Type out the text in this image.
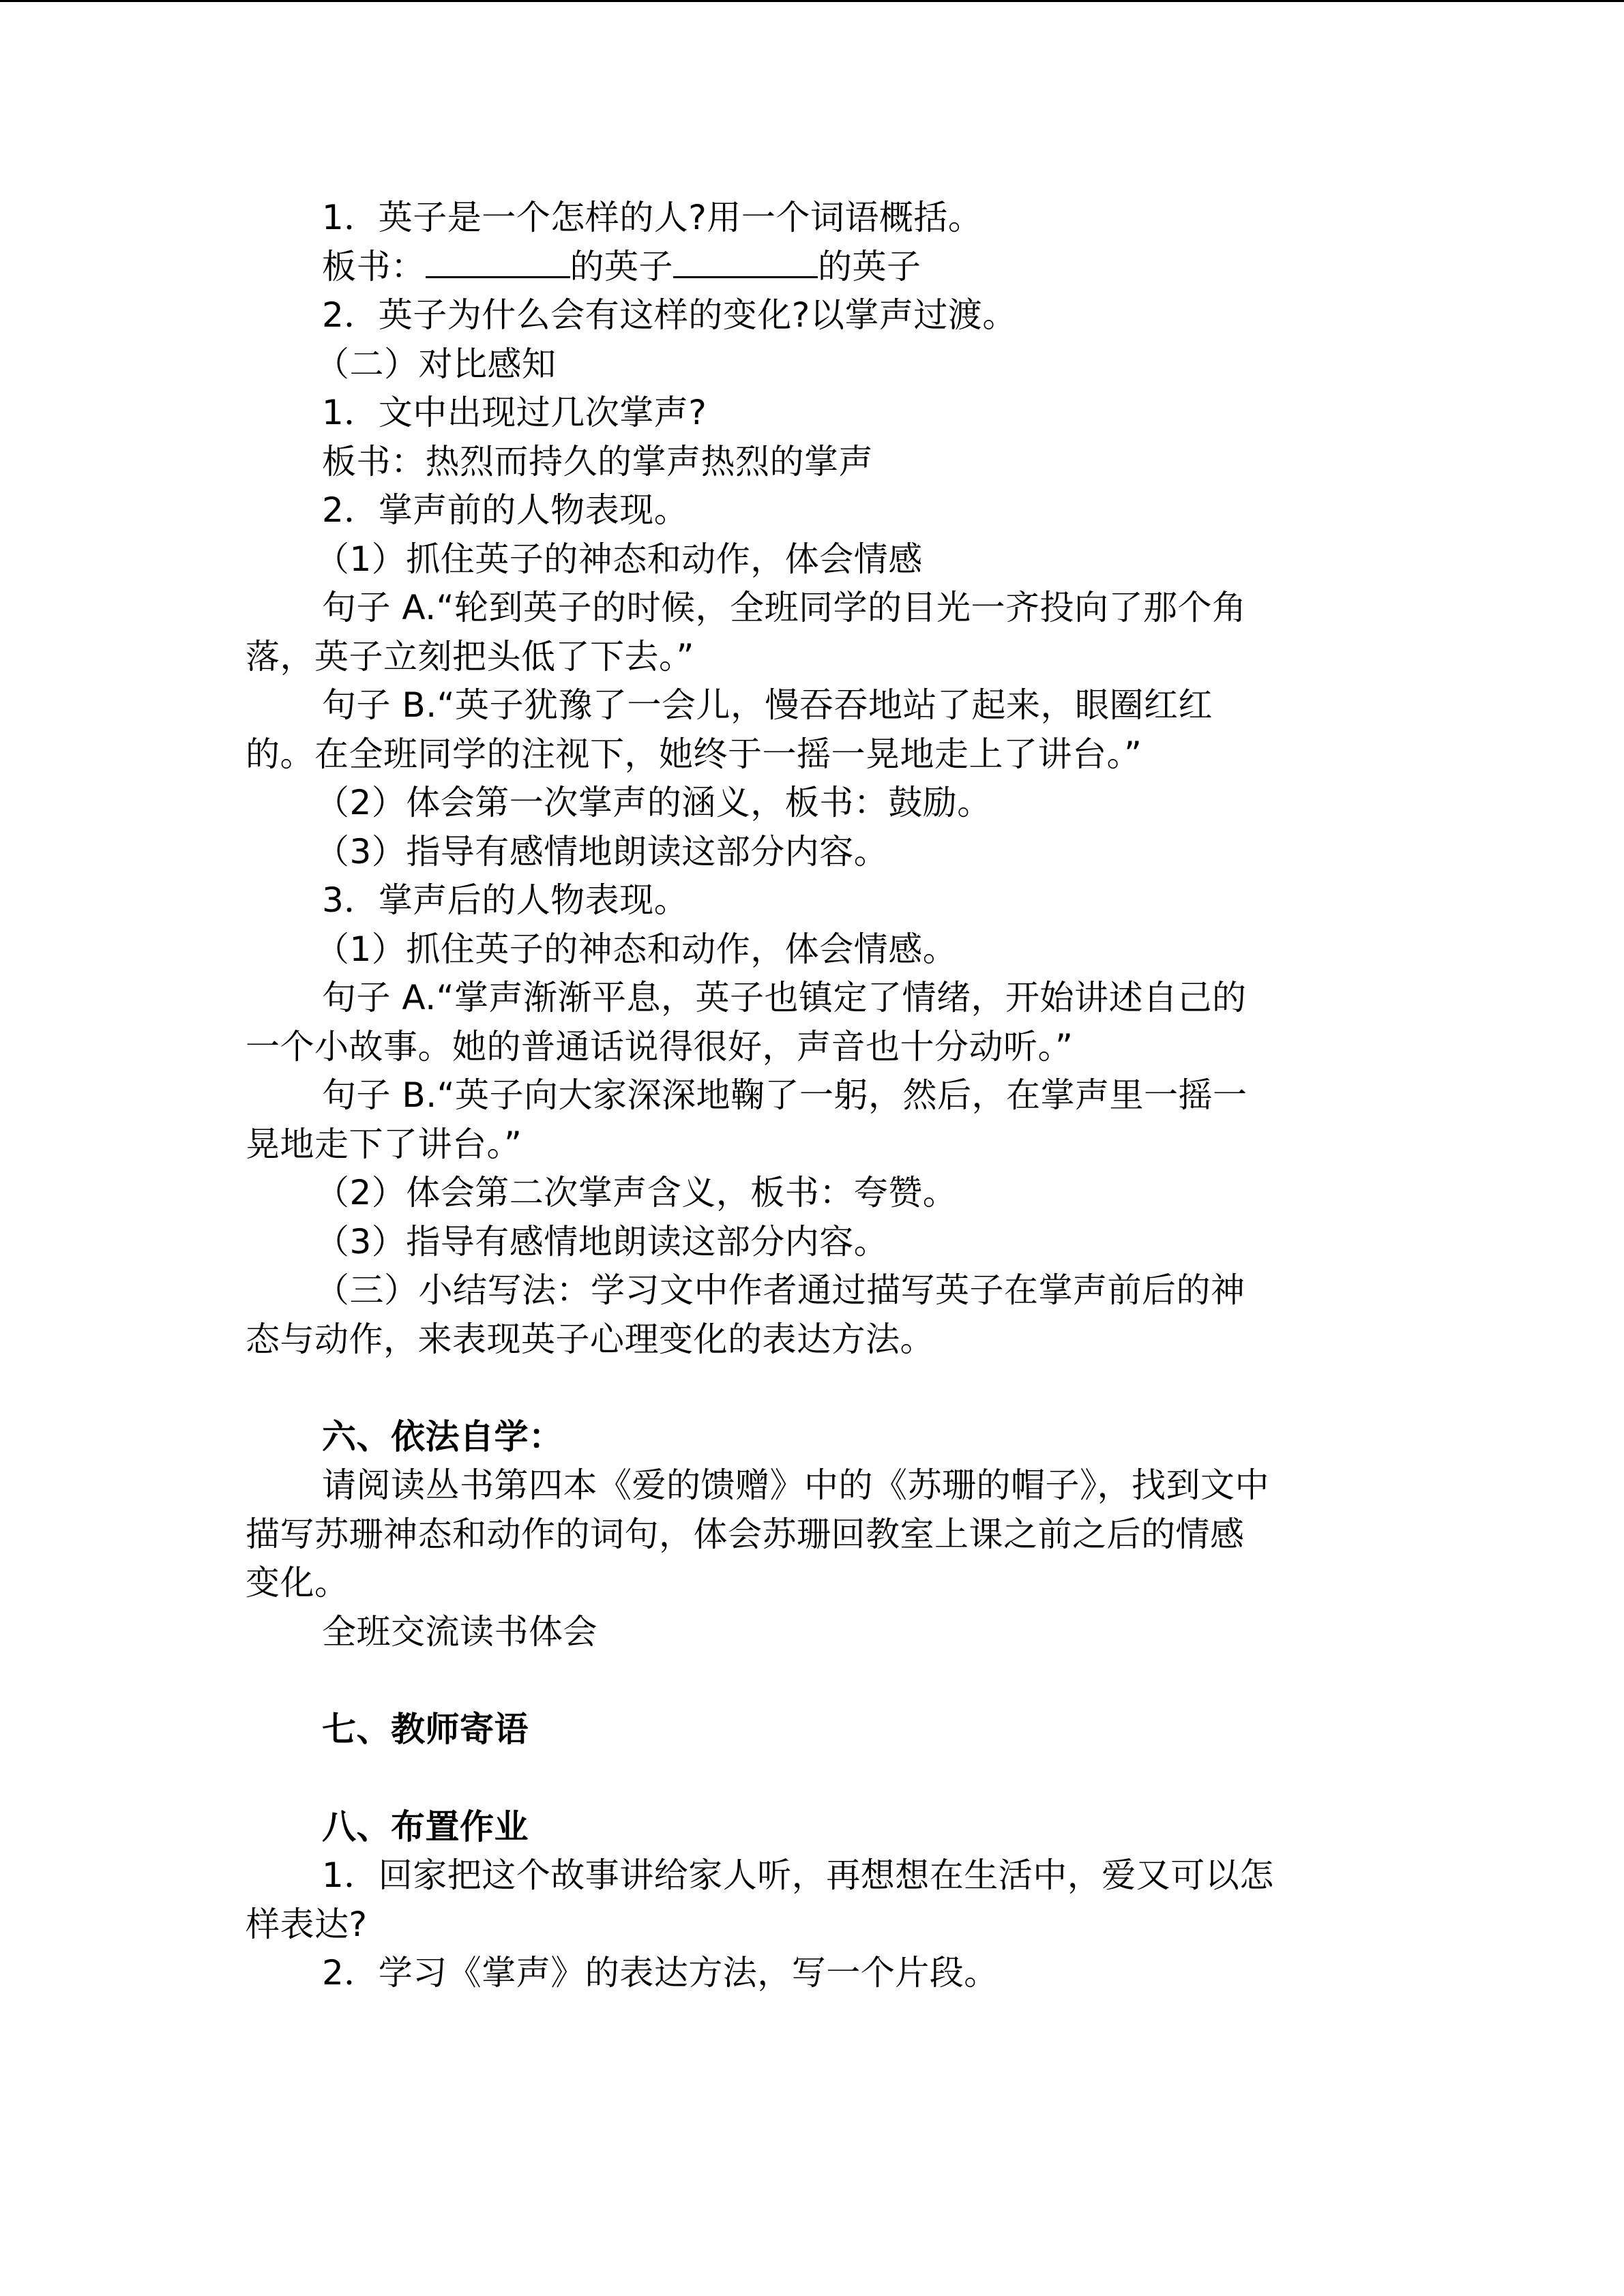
1．英子是一个怎样的人?用一个词语概括。
板书：	的英子	的英子
2．英子为什么会有这样的变化?以掌声过渡。
（二）对比感知
1．文中出现过几次掌声?
板书：热烈而持久的掌声热烈的掌声
2．掌声前的人物表现。
（1）抓住英子的神态和动作，体会情感
句子 A.“轮到英子的时候，全班同学的目光一齐投向了那个角
落，英子立刻把头低了下去。”
句子 B.“英子犹豫了一会儿，慢吞吞地站了起来，眼圈红红
的。在全班同学的注视下，她终于一摇一晃地走上了讲台。”
（2）体会第一次掌声的涵义，板书：鼓励。
（3）指导有感情地朗读这部分内容。
3．掌声后的人物表现。
（1）抓住英子的神态和动作，体会情感。
句子 A.“掌声渐渐平息，英子也镇定了情绪，开始讲述自己的
一个小故事。她的普通话说得很好，声音也十分动听。”
句子 B.“英子向大家深深地鞠了一躬，然后，在掌声里一摇一
晃地走下了讲台。”
（2）体会第二次掌声含义，板书：夸赞。
（3）指导有感情地朗读这部分内容。
（三）小结写法：学习文中作者通过描写英子在掌声前后的神
态与动作，来表现英子心理变化的表达方法。
六、依法自学：
请阅读丛书第四本《爱的馈赠》中的《苏珊的帽子》，找到文中
描写苏珊神态和动作的词句，体会苏珊回教室上课之前之后的情感
变化。
全班交流读书体会
七、教师寄语
八、布置作业
1．回家把这个故事讲给家人听，再想想在生活中，爱又可以怎
样表达?
2．学习《掌声》的表达方法，写一个片段。
